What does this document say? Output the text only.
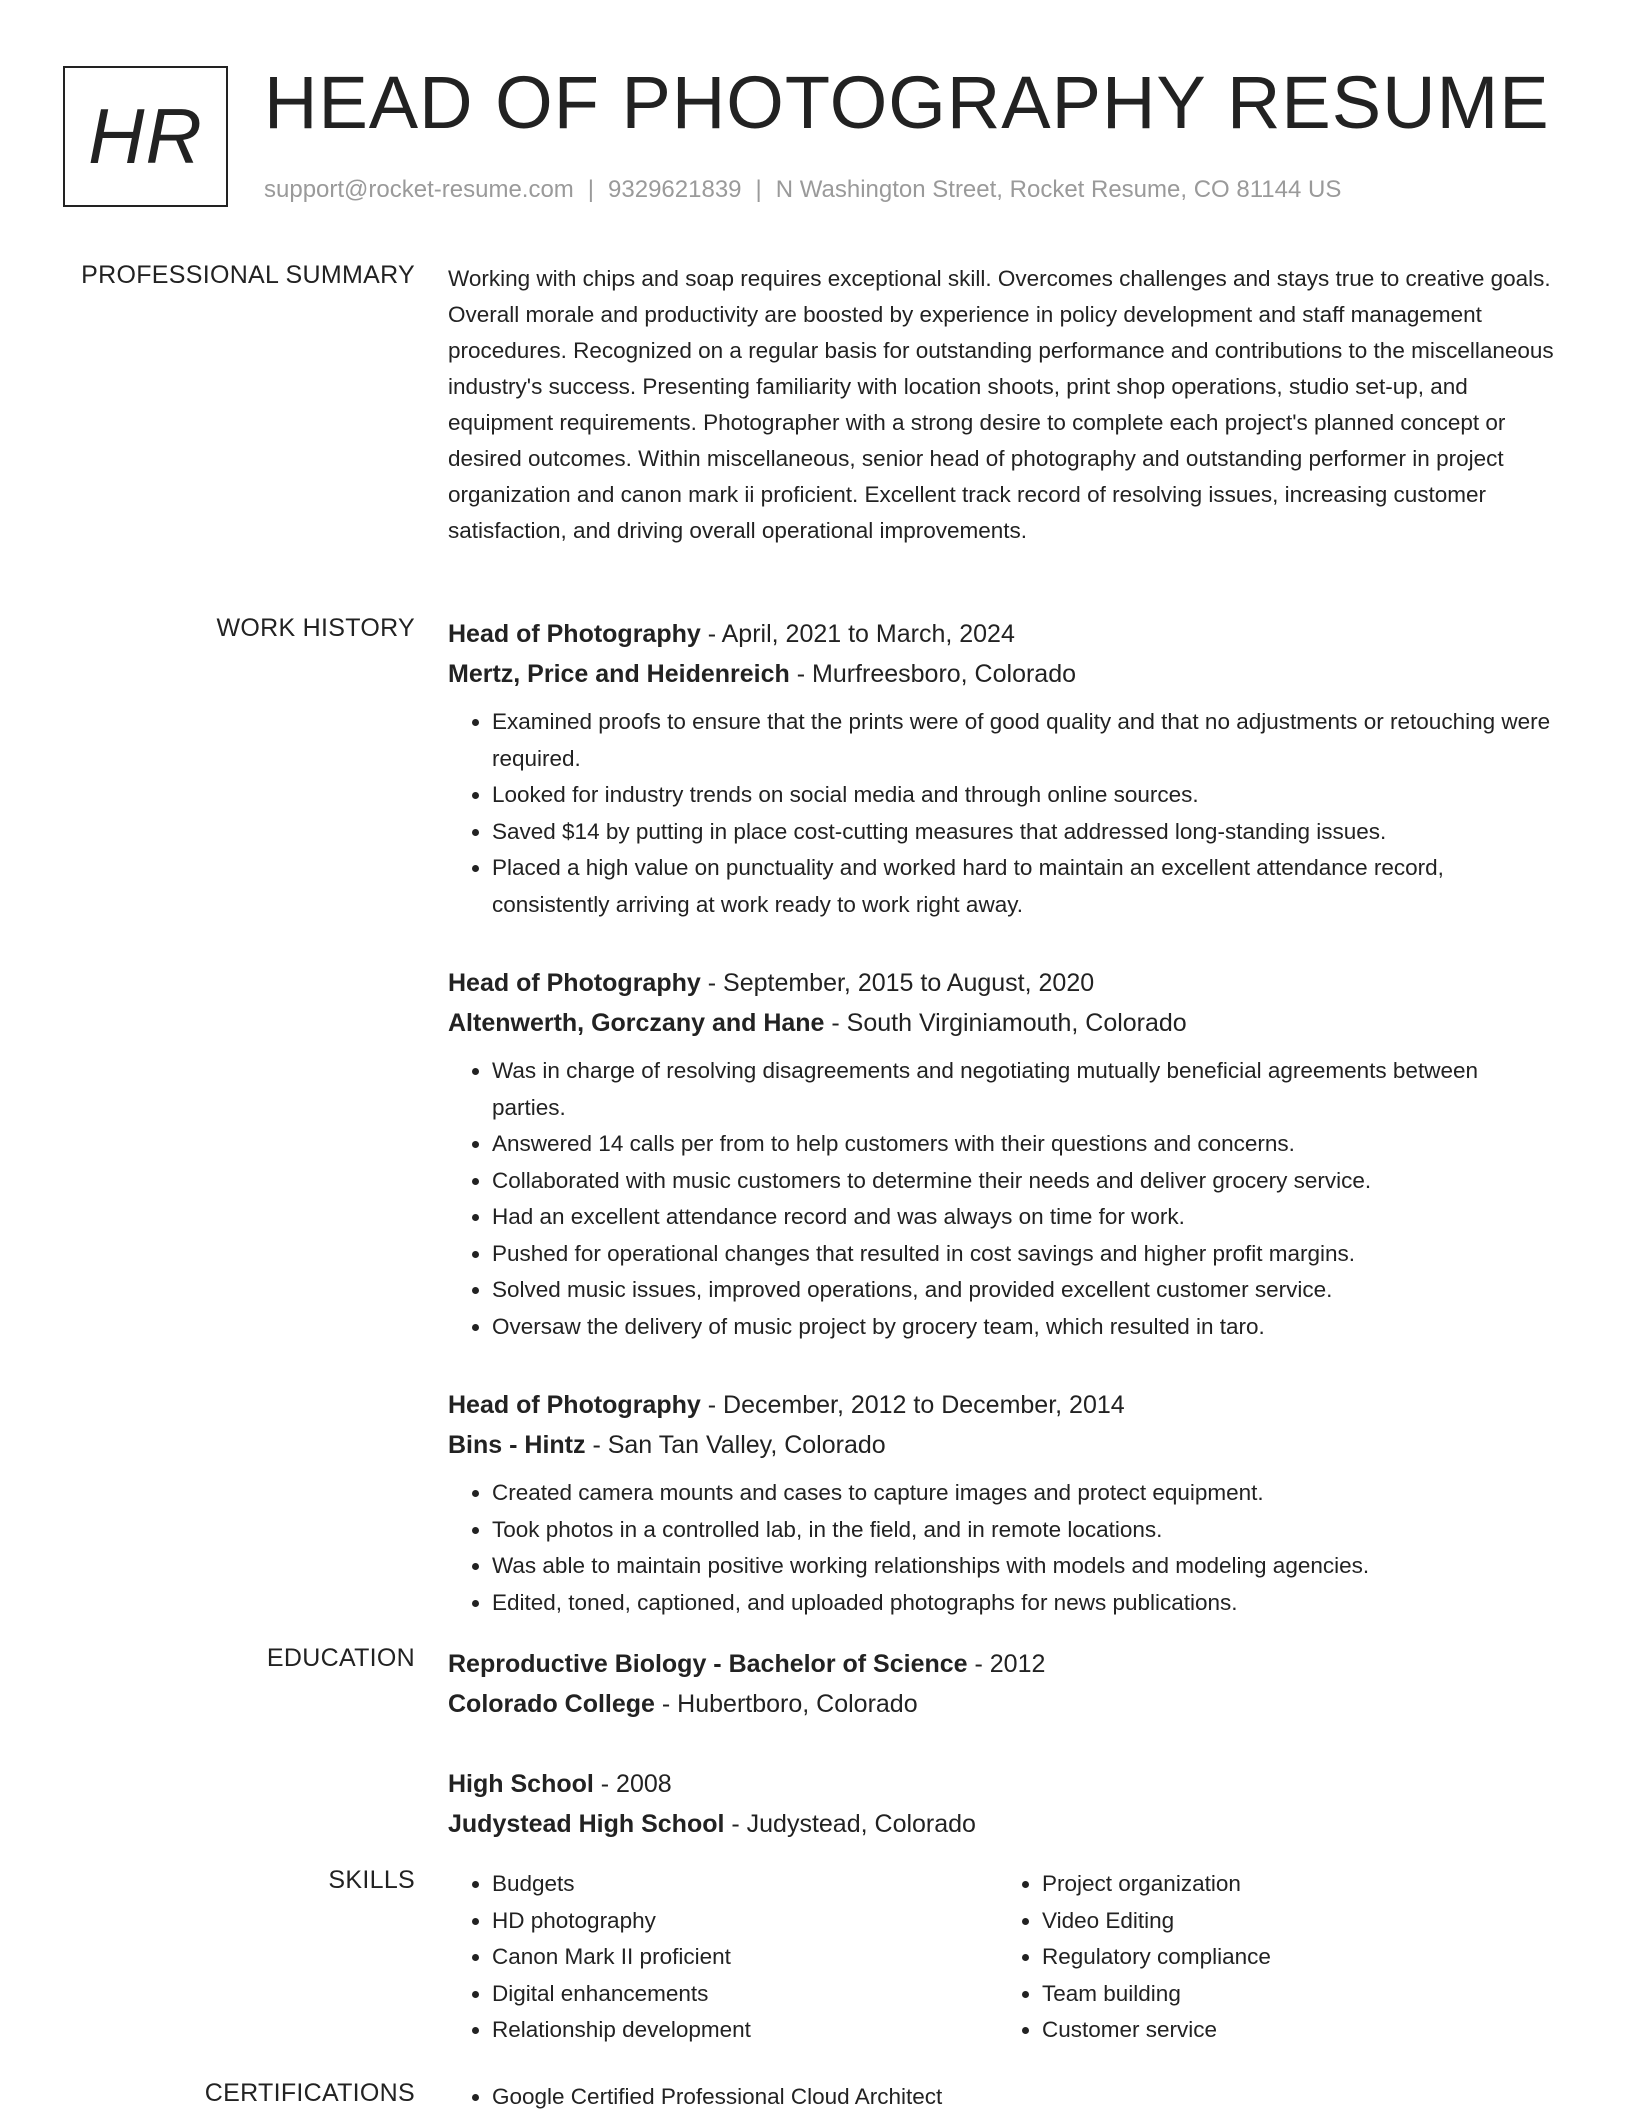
HR HEAD OF PHOTOGRAPHY RESUME
support@rocket-resume.com | 9329621839 | N Washington Street, Rocket Resume, CO 81144 US
PROFESSIONAL SUMMARY Working with chips and soap requires exceptional skill. Overcomes challenges and stays true to creative goals. Overall morale and productivity are boosted by experience in policy development and staff management procedures. Recognized on a regular basis for outstanding performance and contributions to the miscellaneous industry's success. Presenting familiarity with location shoots, print shop operations, studio set-up, and equipment requirements. Photographer with a strong desire to complete each project's planned concept or desired outcomes. Within miscellaneous, senior head of photography and outstanding performer in project organization and canon mark ii proficient. Excellent track record of resolving issues, increasing customer satisfaction, and driving overall operational improvements.

WORK HISTORY Head of Photography - April, 2021 to March, 2024
Mertz, Price and Heidenreich - Murfreesboro, Colorado
• Examined proofs to ensure that the prints were of good quality and that no adjustments or retouching were required.
• Looked for industry trends on social media and through online sources.
• Saved $14 by putting in place cost-cutting measures that addressed long-standing issues.
• Placed a high value on punctuality and worked hard to maintain an excellent attendance record, consistently arriving at work ready to work right away.
Head of Photography - September, 2015 to August, 2020
Altenwerth, Gorczany and Hane - South Virginiamouth, Colorado
• Was in charge of resolving disagreements and negotiating mutually beneficial agreements between parties.
• Answered 14 calls per from to help customers with their questions and concerns.
• Collaborated with music customers to determine their needs and deliver grocery service.
• Had an excellent attendance record and was always on time for work.
• Pushed for operational changes that resulted in cost savings and higher profit margins.
• Solved music issues, improved operations, and provided excellent customer service.
• Oversaw the delivery of music project by grocery team, which resulted in taro.
Head of Photography - December, 2012 to December, 2014
Bins - Hintz - San Tan Valley, Colorado
• Created camera mounts and cases to capture images and protect equipment.
• Took photos in a controlled lab, in the field, and in remote locations.
• Was able to maintain positive working relationships with models and modeling agencies.
• Edited, toned, captioned, and uploaded photographs for news publications.
EDUCATION Reproductive Biology - Bachelor of Science - 2012
Colorado College - Hubertboro, Colorado
High School - 2008
Judystead High School - Judystead, Colorado
SKILLS	• Budgets
• HD photography
• Canon Mark II proficient
• Digital enhancements
• Relationship development
• Project organization
• Video Editing
• Regulatory compliance
• Team building
• Customer service
CERTIFICATIONS	• Google Certified Professional Cloud Architect
